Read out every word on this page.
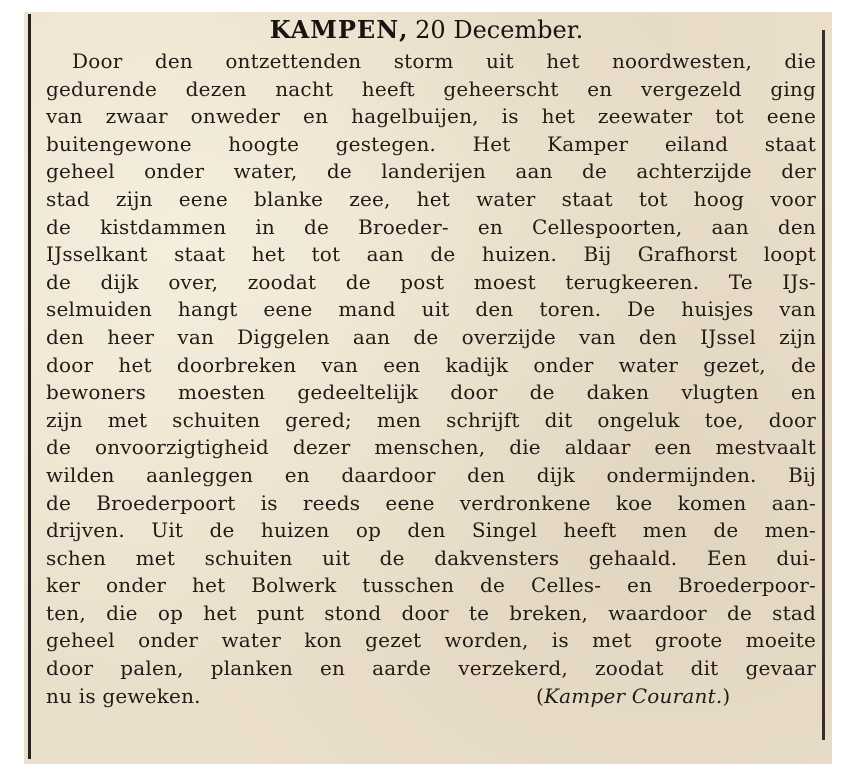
KAMPEN, 20 December.
Door den ontzettenden storm uit het noordwesten, die
gedurende dezen nacht heeft geheerscht en vergezeld ging
van zwaar onweder en hagelbuijen, is het zeewater tot eene
buitengewone hoogte gestegen. Het Kamper eiland staat
geheel onder water, de landerijen aan de achterzijde der
stad zijn eene blanke zee, het water staat tot hoog voor
de kistdammen in de Broeder- en Cellespoorten, aan den
IJsselkant staat het tot aan de huizen. Bij Grafhorst loopt
de dijk over, zoodat de post moest terugkeeren. Te IJs-
selmuiden hangt eene mand uit den toren. De huisjes van
den heer van Diggelen aan de overzijde van den IJssel zijn
door het doorbreken van een kadijk onder water gezet, de
bewoners moesten gedeeltelijk door de daken vlugten en
zijn met schuiten gered; men schrijft dit ongeluk toe, door
de onvoorzigtigheid dezer menschen, die aldaar een mestvaalt
wilden aanleggen en daardoor den dijk ondermijnden. Bij
de Broederpoort is reeds eene verdronkene koe komen aan-
drijven. Uit de huizen op den Singel heeft men de men-
schen met schuiten uit de dakvensters gehaald. Een dui-
ker onder het Bolwerk tusschen de Celles- en Broederpoor-
ten, die op het punt stond door te breken, waardoor de stad
geheel onder water kon gezet worden, is met groote moeite
door palen, planken en aarde verzekerd, zoodat dit gevaar
nu is geweken.	(Kamper Courant.)
